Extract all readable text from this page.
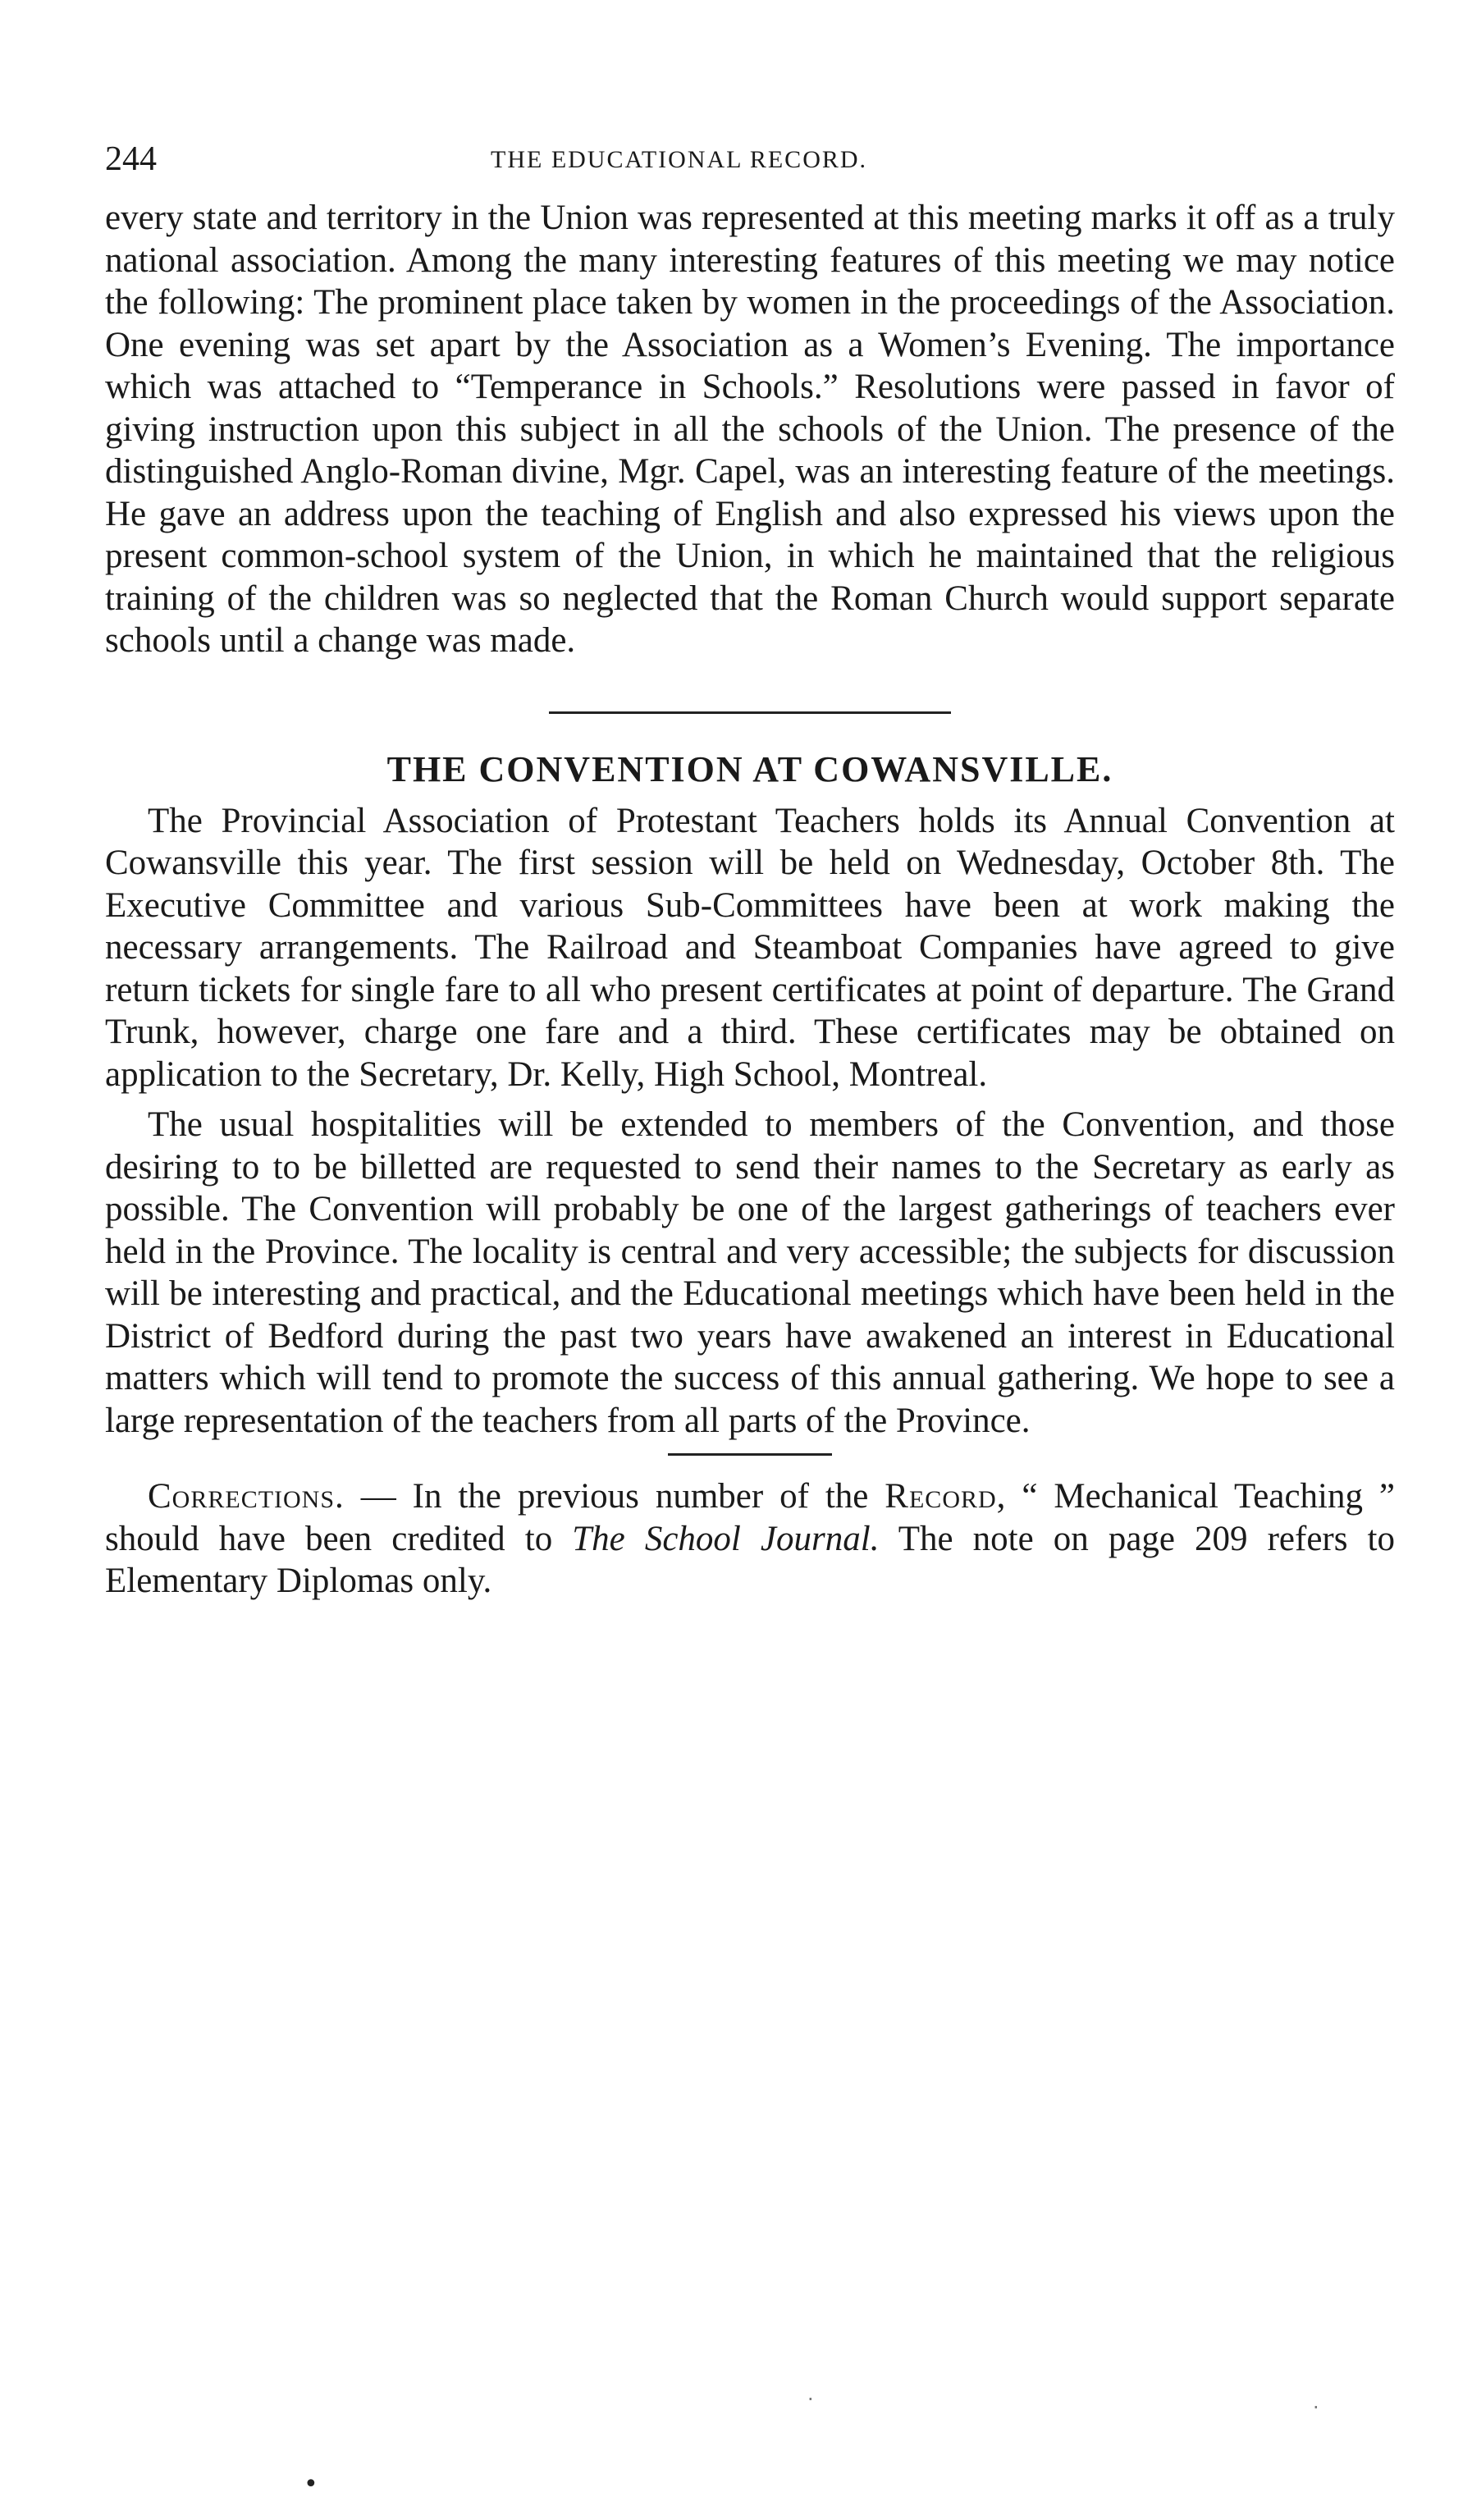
244	THE EDUCATIONAL RECORD.

every state and territory in the Union was represented at this meeting marks it off as a truly national association. Among the many interesting features of this meeting we may notice the following: The prominent place taken by women in the proceedings of the Association. One evening was set apart by the Association as a Women’s Evening. The importance which was attached to “Temperance in Schools.” Resolutions were passed in favor of giving instruction upon this subject in all the schools of the Union. The presence of the distinguished Anglo-Roman divine, Mgr. Capel, was an interesting feature of the meetings. He gave an address upon the teaching of English and also expressed his views upon the present common-school system of the Union, in which he maintained that the religious training of the children was so neglected that the Roman Church would support separate schools until a change was made.

THE CONVENTION AT COWANSVILLE.

The Provincial Association of Protestant Teachers holds its Annual Convention at Cowansville this year. The first session will be held on Wednesday, October 8th. The Executive Committee and various Sub-Committees have been at work making the necessary arrangements. The Railroad and Steamboat Companies have agreed to give return tickets for single fare to all who present certificates at point of departure. The Grand Trunk, however, charge one fare and a third. These certificates may be obtained on application to the Secretary, Dr. Kelly, High School, Montreal.

The usual hospitalities will be extended to members of the Convention, and those desiring to to be billetted are requested to send their names to the Secretary as early as possible. The Convention will probably be one of the largest gatherings of teachers ever held in the Province. The locality is central and very accessible; the subjects for discussion will be interesting and practical, and the Educational meetings which have been held in the District of Bedford during the past two years have awakened an interest in Educational matters which will tend to promote the success of this annual gathering. We hope to see a large representation of the teachers from all parts of the Province.

Corrections. — In the previous number of the Record, “ Mechanical Teaching ” should have been credited to The School Journal. The note on page 209 refers to Elementary Diplomas only.

·	·
•
